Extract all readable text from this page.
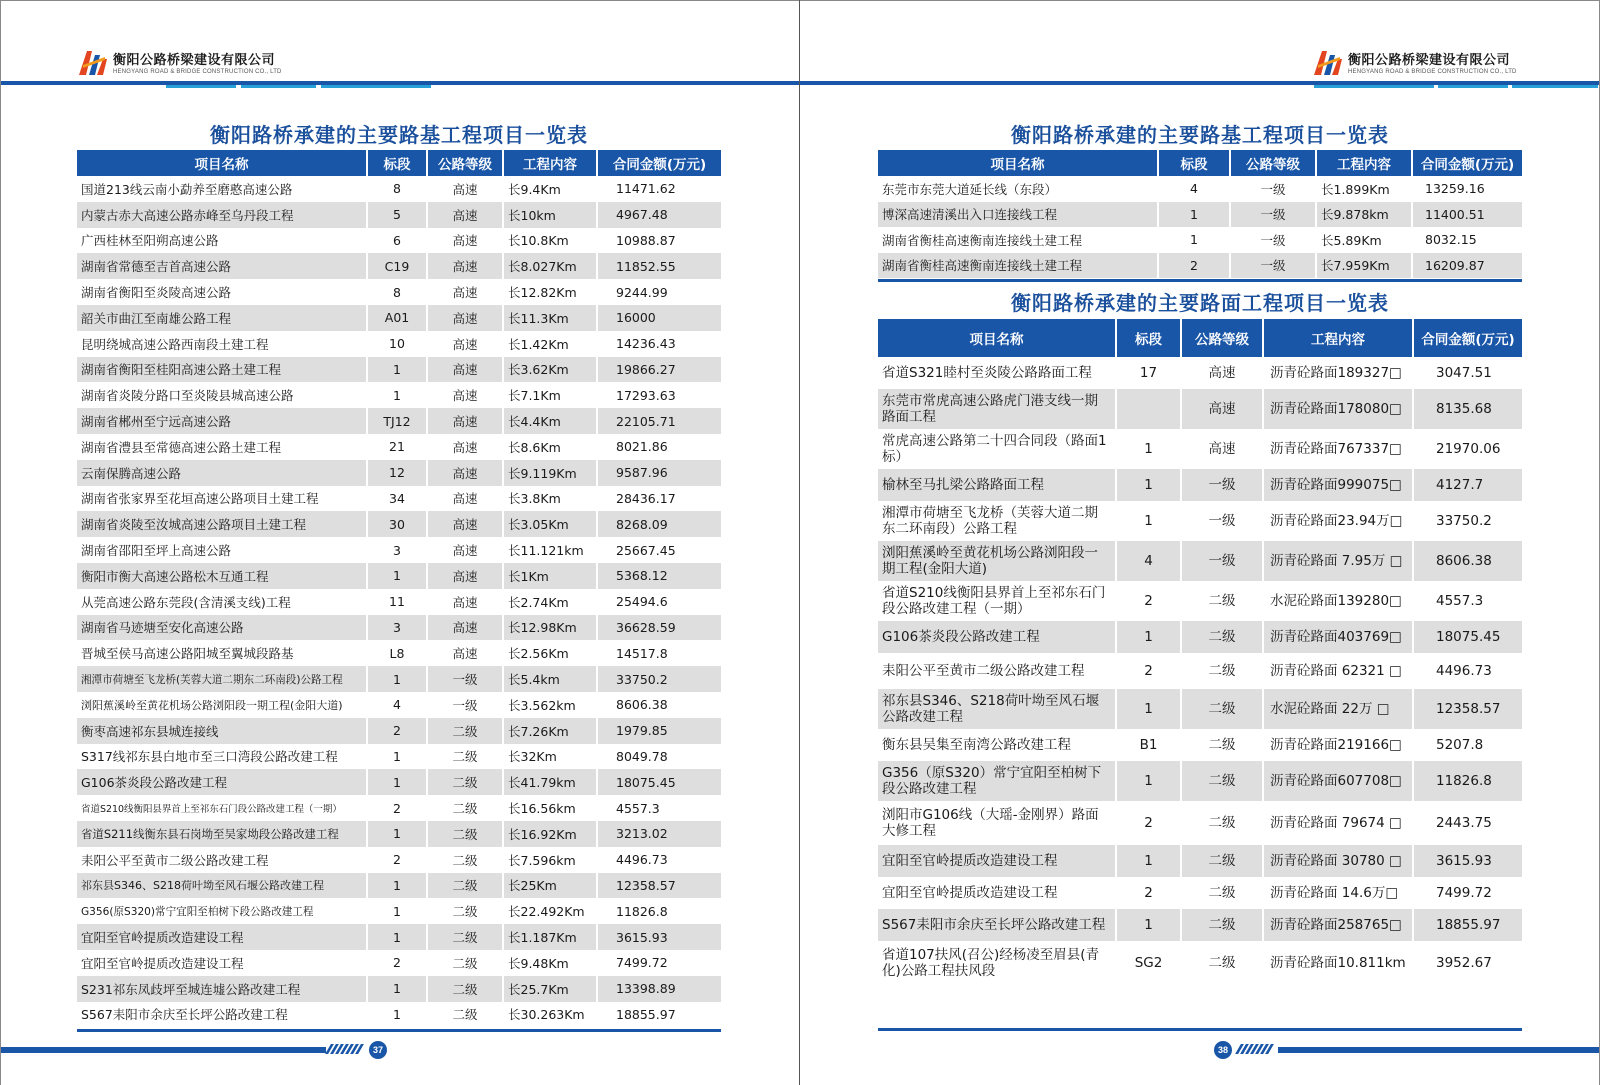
衡阳公路桥梁建设有限公司
HENGYANG ROAD & BRIDGE CONSTRUCTION CO., LTD
衡阳路桥承建的主要路基工程项目一览表
项目名称	标段	公路等级	工程内容	合同金额(万元)
国道213线云南小勐养至磨憨高速公路	8	高速	长9.4Km	11471.62
内蒙古赤大高速公路赤峰至乌丹段工程	5	高速	长10km	4967.48
广西桂林至阳朔高速公路	6	高速	长10.8Km	10988.87
湖南省常德至吉首高速公路	C19	高速	长8.027Km	11852.55
湖南省衡阳至炎陵高速公路	8	高速	长12.82Km	9244.99
韶关市曲江至南雄公路工程	A01	高速	长11.3Km	16000
昆明绕城高速公路西南段土建工程	10	高速	长1.42Km	14236.43
湖南省衡阳至桂阳高速公路土建工程	1	高速	长3.62Km	19866.27
湖南省炎陵分路口至炎陵县城高速公路	1	高速	长7.1Km	17293.63
湖南省郴州至宁远高速公路	TJ12	高速	长4.4Km	22105.71
湖南省澧县至常德高速公路土建工程	21	高速	长8.6Km	8021.86
云南保腾高速公路	12	高速	长9.119Km	9587.96
湖南省张家界至花垣高速公路项目土建工程	34	高速	长3.8Km	28436.17
湖南省炎陵至汝城高速公路项目土建工程	30	高速	长3.05Km	8268.09
湖南省邵阳至坪上高速公路	3	高速	长11.121km	25667.45
衡阳市衡大高速公路松木互通工程	1	高速	长1Km	5368.12
从莞高速公路东莞段(含清溪支线)工程	11	高速	长2.74Km	25494.6
湖南省马迹塘至安化高速公路	3	高速	长12.98Km	36628.59
晋城至侯马高速公路阳城至翼城段路基	L8	高速	长2.56Km	14517.8
湘潭市荷塘至飞龙桥(芙蓉大道二期东二环南段)公路工程	1	一级	长5.4km	33750.2
浏阳蕉溪岭至黄花机场公路浏阳段一期工程(金阳大道)	4	一级	长3.562km	8606.38
衡枣高速祁东县城连接线	2	二级	长7.26Km	1979.85
S317线祁东县白地市至三口湾段公路改建工程	1	二级	长32Km	8049.78
G106茶炎段公路改建工程	1	二级	长41.79km	18075.45
省道S210线衡阳县界首上至祁东石门段公路改建工程（一期）	2	二级	长16.56km	4557.3
省道S211线衡东县石岗坳至吴家坳段公路改建工程	1	二级	长16.92Km	3213.02
耒阳公平至黄市二级公路改建工程	2	二级	长7.596km	4496.73
祁东县S346、S218荷叶坳至风石堰公路改建工程	1	二级	长25Km	12358.57
G356(原S320)常宁宜阳至柏树下段公路改建工程	1	二级	长22.492Km	11826.8
宜阳至官岭提质改造建设工程	1	二级	长1.187Km	3615.93
宜阳至官岭提质改造建设工程	2	二级	长9.48Km	7499.72
S231祁东凤歧坪至城连墟公路改建工程	1	二级	长25.7Km	13398.89
S567耒阳市余庆至长坪公路改建工程	1	二级	长30.263Km	18855.97
37
衡阳公路桥梁建设有限公司
HENGYANG ROAD & BRIDGE CONSTRUCTION CO., LTD
衡阳路桥承建的主要路基工程项目一览表
项目名称	标段	公路等级	工程内容	合同金额(万元)
东莞市东莞大道延长线（东段）	4	一级	长1.899Km	13259.16
博深高速清溪出入口连接线工程	1	一级	长9.878km	11400.51
湖南省衡桂高速衡南连接线土建工程	1	一级	长5.89Km	8032.15
湖南省衡桂高速衡南连接线土建工程	2	一级	长7.959Km	16209.87
衡阳路桥承建的主要路面工程项目一览表
项目名称	标段	公路等级	工程内容	合同金额(万元)
省道S321睦村至炎陵公路路面工程	17	高速	沥青砼路面189327□	3047.51
东莞市常虎高速公路虎门港支线一期路面工程		高速	沥青砼路面178080□	8135.68
常虎高速公路第二十四合同段（路面1标）	1	高速	沥青砼路面767337□	21970.06
榆林至马扎梁公路路面工程	1	一级	沥青砼路面999075□	4127.7
湘潭市荷塘至飞龙桥（芙蓉大道二期东二环南段）公路工程	1	一级	沥青砼路面23.94万□	33750.2
浏阳蕉溪岭至黄花机场公路浏阳段一期工程(金阳大道)	4	一级	沥青砼路面 7.95万 □	8606.38
省道S210线衡阳县界首上至祁东石门段公路改建工程（一期）	2	二级	水泥砼路面139280□	4557.3
G106茶炎段公路改建工程	1	二级	沥青砼路面403769□	18075.45
耒阳公平至黄市二级公路改建工程	2	二级	沥青砼路面 62321 □	4496.73
祁东县S346、S218荷叶坳至风石堰公路改建工程	1	二级	水泥砼路面 22万 □	12358.57
衡东县吴集至南湾公路改建工程	B1	二级	沥青砼路面219166□	5207.8
G356（原S320）常宁宜阳至柏树下段公路改建工程	1	二级	沥青砼路面607708□	11826.8
浏阳市G106线（大瑶-金刚界）路面大修工程	2	二级	沥青砼路面 79674 □	2443.75
宜阳至官岭提质改造建设工程	1	二级	沥青砼路面 30780 □	3615.93
宜阳至官岭提质改造建设工程	2	二级	沥青砼路面 14.6万□	7499.72
S567耒阳市余庆至长坪公路改建工程	1	二级	沥青砼路面258765□	18855.97
省道107扶风(召公)经杨凌至眉县(青化)公路工程扶风段	SG2	二级	沥青砼路面10.811km	3952.67
38
